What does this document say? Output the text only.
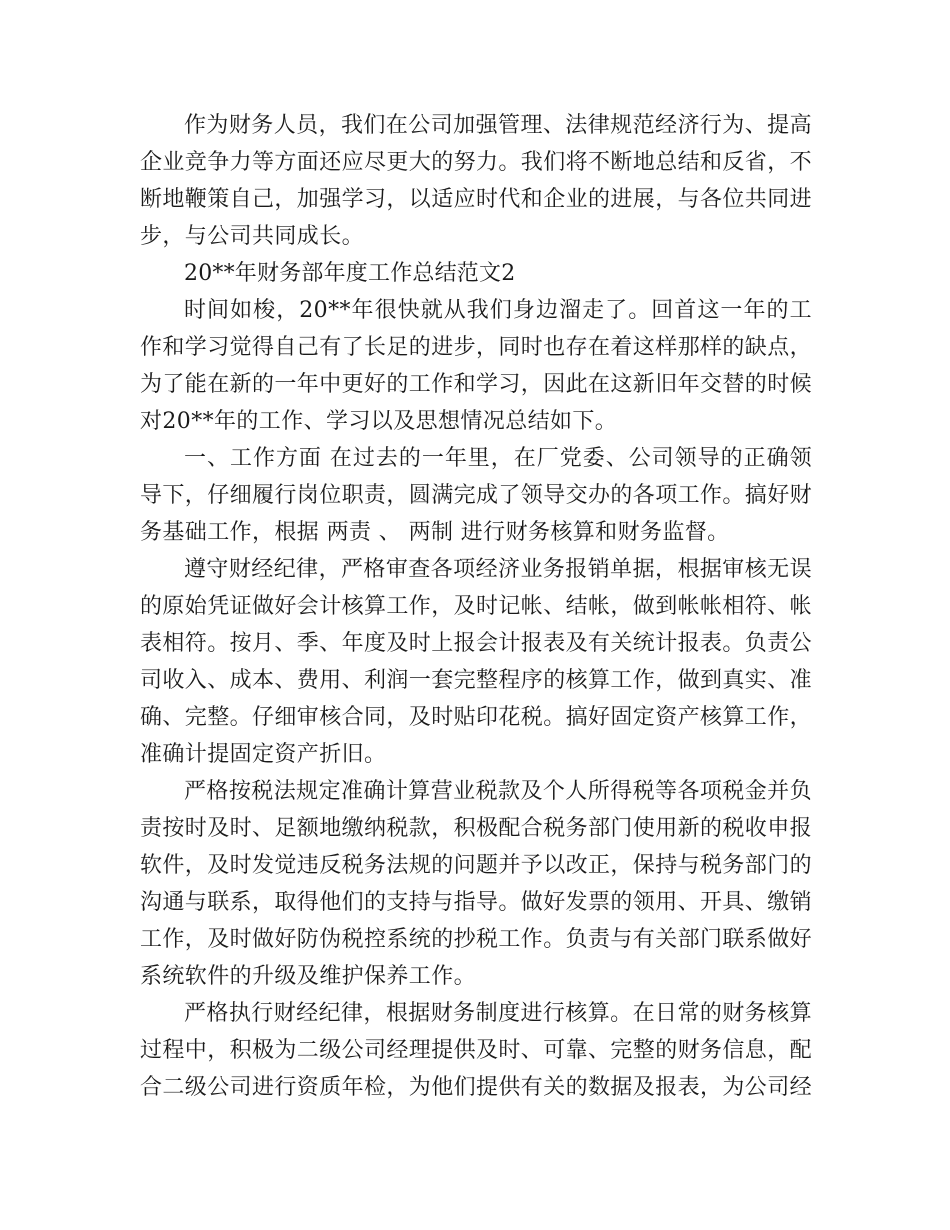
作为财务人员，我们在公司加强管理、法律规范经济行为、提高企业竞争力等方面还应尽更大的努力。我们将不断地总结和反省，不断地鞭策自己，加强学习，以适应时代和企业的进展，与各位共同进步，与公司共同成长。

20**年财务部年度工作总结范文2

时间如梭，20**年很快就从我们身边溜走了。回首这一年的工作和学习觉得自己有了长足的进步，同时也存在着这样那样的缺点，为了能在新的一年中更好的工作和学习，因此在这新旧年交替的时候对20**年的工作、学习以及思想情况总结如下。

一、工作方面 在过去的一年里，在厂党委、公司领导的正确领导下，仔细履行岗位职责，圆满完成了领导交办的各项工作。搞好财务基础工作，根据 两责 、 两制 进行财务核算和财务监督。

遵守财经纪律，严格审查各项经济业务报销单据，根据审核无误的原始凭证做好会计核算工作，及时记帐、结帐，做到帐帐相符、帐表相符。按月、季、年度及时上报会计报表及有关统计报表。负责公司收入、成本、费用、利润一套完整程序的核算工作，做到真实、准确、完整。仔细审核合同，及时贴印花税。搞好固定资产核算工作，准确计提固定资产折旧。

严格按税法规定准确计算营业税款及个人所得税等各项税金并负责按时及时、足额地缴纳税款，积极配合税务部门使用新的税收申报软件，及时发觉违反税务法规的问题并予以改正，保持与税务部门的沟通与联系，取得他们的支持与指导。做好发票的领用、开具、缴销工作，及时做好防伪税控系统的抄税工作。负责与有关部门联系做好系统软件的升级及维护保养工作。

严格执行财经纪律，根据财务制度进行核算。在日常的财务核算过程中，积极为二级公司经理提供及时、可靠、完整的财务信息，配合二级公司进行资质年检，为他们提供有关的数据及报表，为公司经
